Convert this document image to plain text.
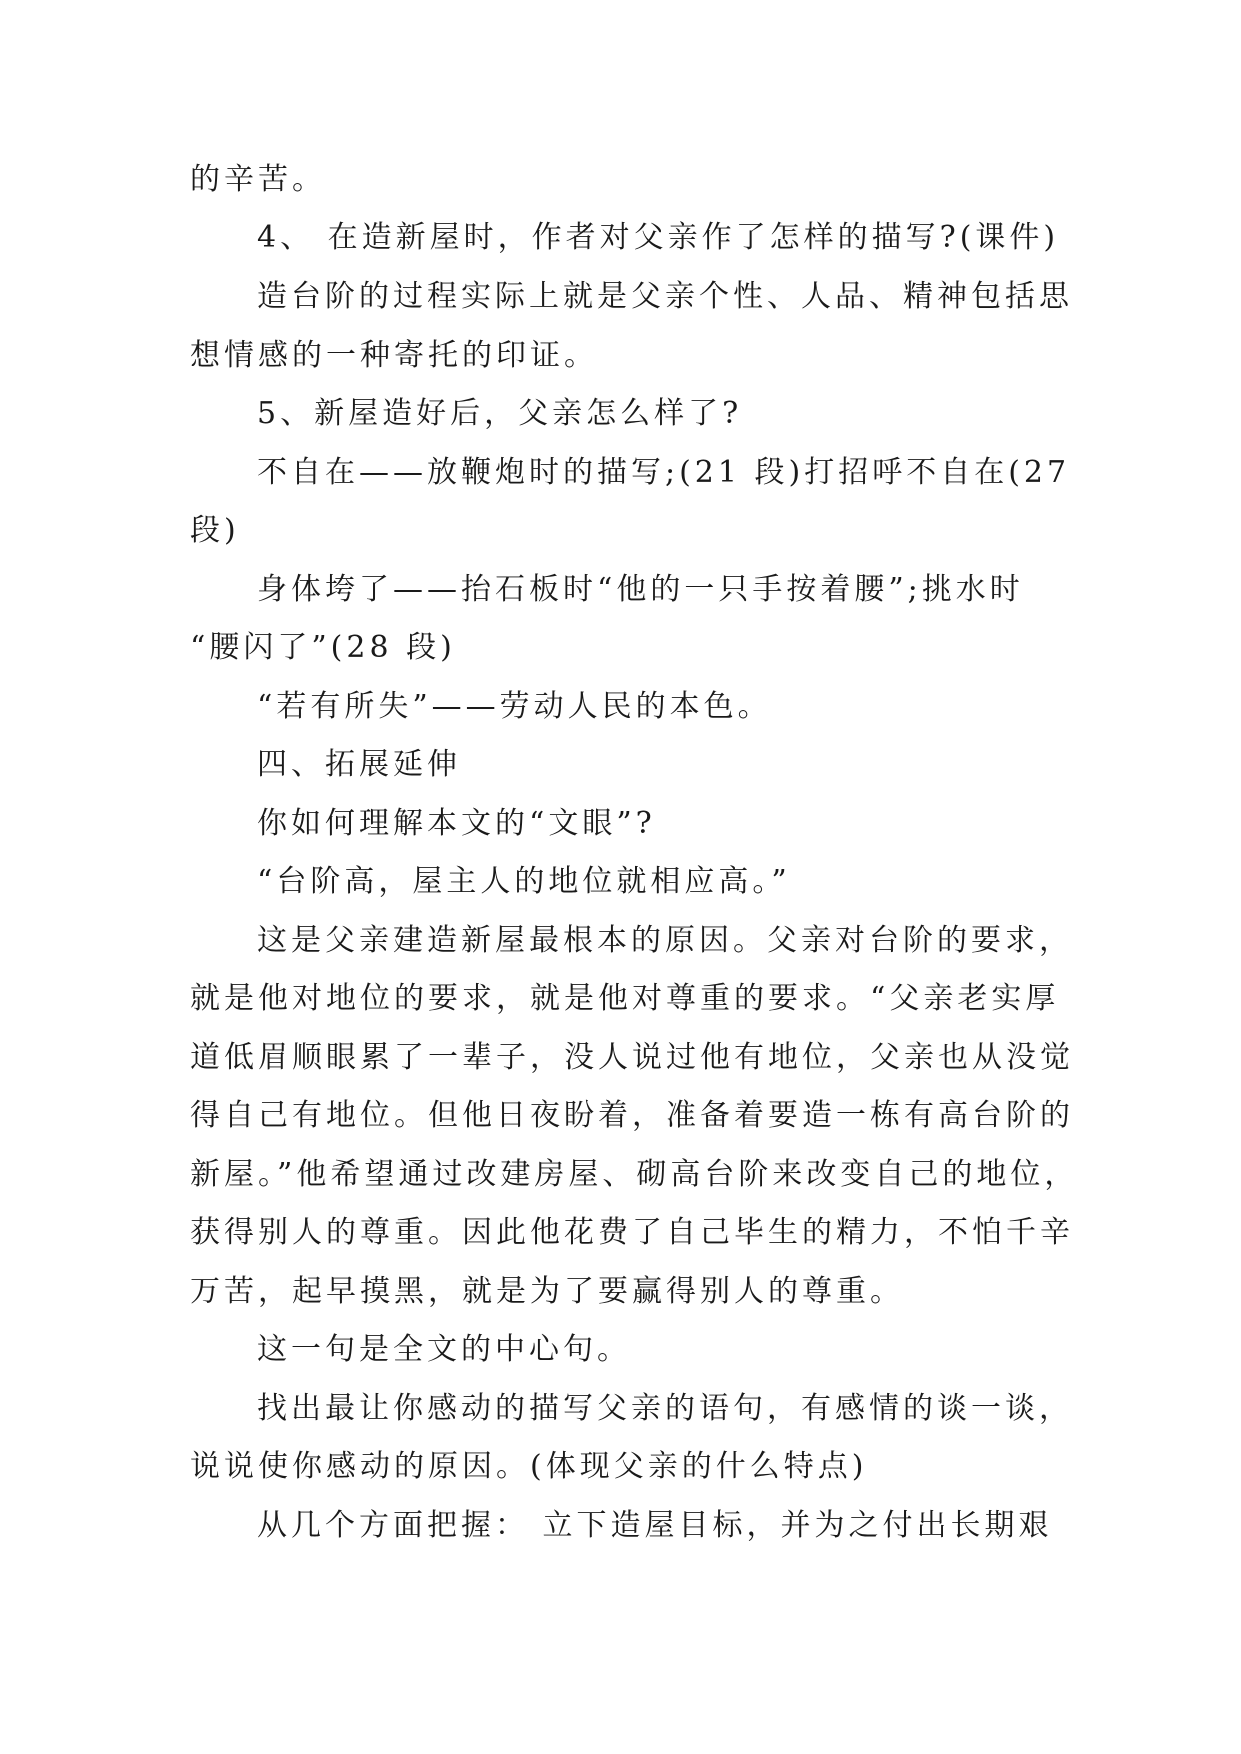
的辛苦。
4、 在造新屋时，作者对父亲作了怎样的描写?(课件)
造台阶的过程实际上就是父亲个性、人品、精神包括思
想情感的一种寄托的印证。
5、新屋造好后，父亲怎么样了?
不自在——放鞭炮时的描写;(21 段)打招呼不自在(27
段)
身体垮了——抬石板时“他的一只手按着腰”;挑水时
“腰闪了”(28 段)
“若有所失”——劳动人民的本色。
四、拓展延伸
你如何理解本文的“文眼”?
“台阶高，屋主人的地位就相应高。”
这是父亲建造新屋最根本的原因。父亲对台阶的要求，
就是他对地位的要求，就是他对尊重的要求。“父亲老实厚
道低眉顺眼累了一辈子，没人说过他有地位，父亲也从没觉
得自己有地位。但他日夜盼着，准备着要造一栋有高台阶的
新屋。”他希望通过改建房屋、砌高台阶来改变自己的地位，
获得别人的尊重。因此他花费了自己毕生的精力，不怕千辛
万苦，起早摸黑，就是为了要赢得别人的尊重。
这一句是全文的中心句。
找出最让你感动的描写父亲的语句，有感情的谈一谈，
说说使你感动的原因。(体现父亲的什么特点)
从几个方面把握： 立下造屋目标，并为之付出长期艰
